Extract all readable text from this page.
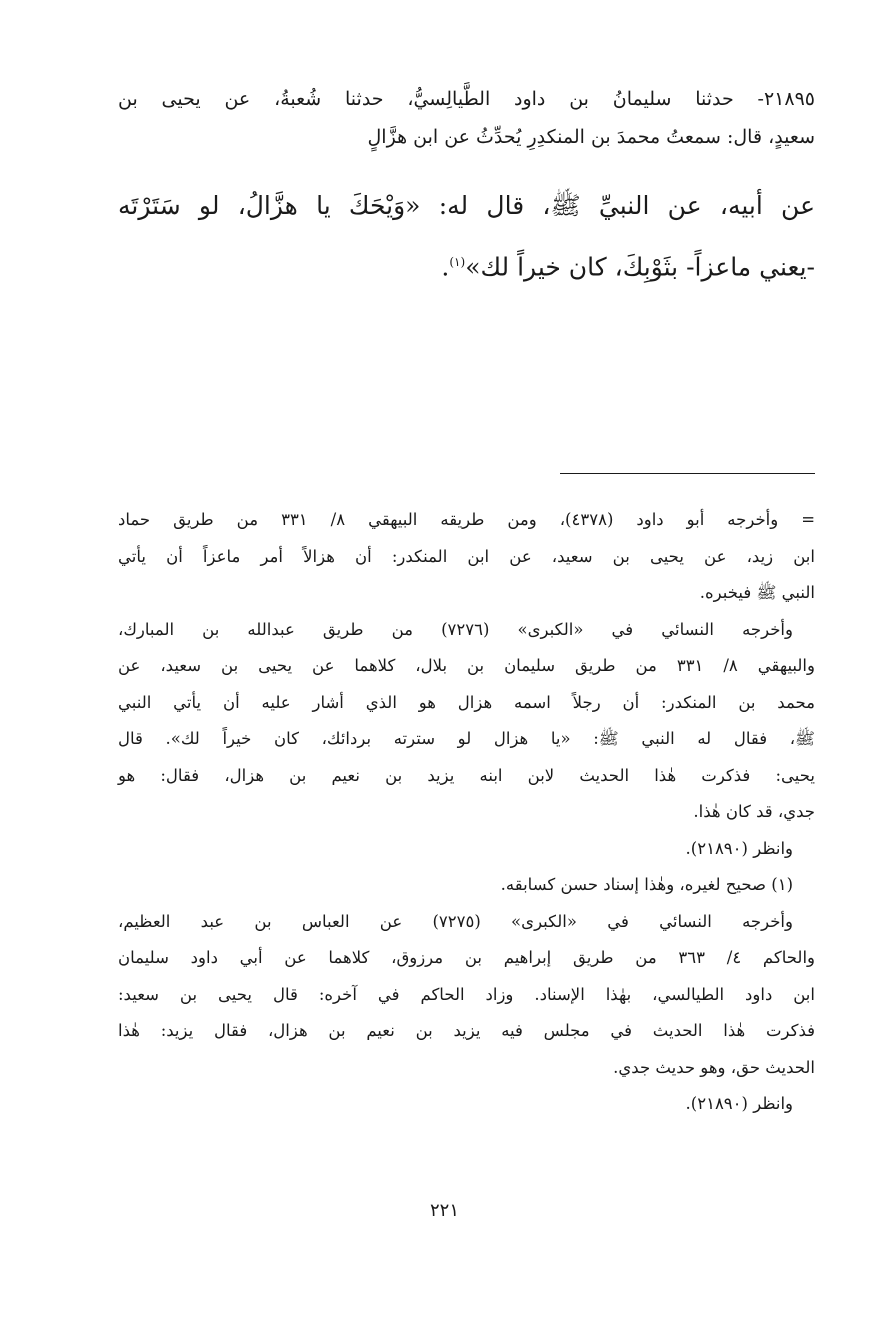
٢١٨٩٥- حدثنا سليمانُ بن داود الطَّيالِسيُّ، حدثنا شُعبةُ، عن يحيى بن
سعيدٍ، قال: سمعتُ محمدَ بن المنكدِرِ يُحدِّثُ عن ابن هزَّالٍ
عن أبيه، عن النبيِّ ﷺ، قال له: «وَيْحَكَ يا هزَّالُ، لو سَتَرْتَه
-يعني ماعزاً- بثَوْبِكَ، كان خيراً لك»$^{(١)}$.
= وأخرجه أبو داود (٤٣٧٨)، ومن طريقه البيهقي ٨/ ٣٣١ من طريق حماد
ابن زيد، عن يحيى بن سعيد، عن ابن المنكدر: أن هزالاً أمر ماعزاً أن يأتي
النبي ﷺ فيخبره.
وأخرجه النسائي في «الكبرى» (٧٢٧٦) من طريق عبدالله بن المبارك،
والبيهقي ٨/ ٣٣١ من طريق سليمان بن بلال، كلاهما عن يحيى بن سعيد، عن
محمد بن المنكدر: أن رجلاً اسمه هزال هو الذي أشار عليه أن يأتي النبي
ﷺ، فقال له النبي ﷺ: «يا هزال لو سترته بردائك، كان خيراً لك». قال
يحيى: فذكرت هٰذا الحديث لابن ابنه يزيد بن نعيم بن هزال، فقال: هو
جدي، قد كان هٰذا.
وانظر (٢١٨٩٠).
(١) صحيح لغيره، وهٰذا إسناد حسن كسابقه.
وأخرجه النسائي في «الكبرى» (٧٢٧٥) عن العباس بن عبد العظيم،
والحاكم ٤/ ٣٦٣ من طريق إبراهيم بن مرزوق، كلاهما عن أبي داود سليمان
ابن داود الطيالسي، بهٰذا الإسناد. وزاد الحاكم في آخره: قال يحيى بن سعيد:
فذكرت هٰذا الحديث في مجلس فيه يزيد بن نعيم بن هزال، فقال يزيد: هٰذا
الحديث حق، وهو حديث جدي.
وانظر (٢١٨٩٠).
٢٢١
